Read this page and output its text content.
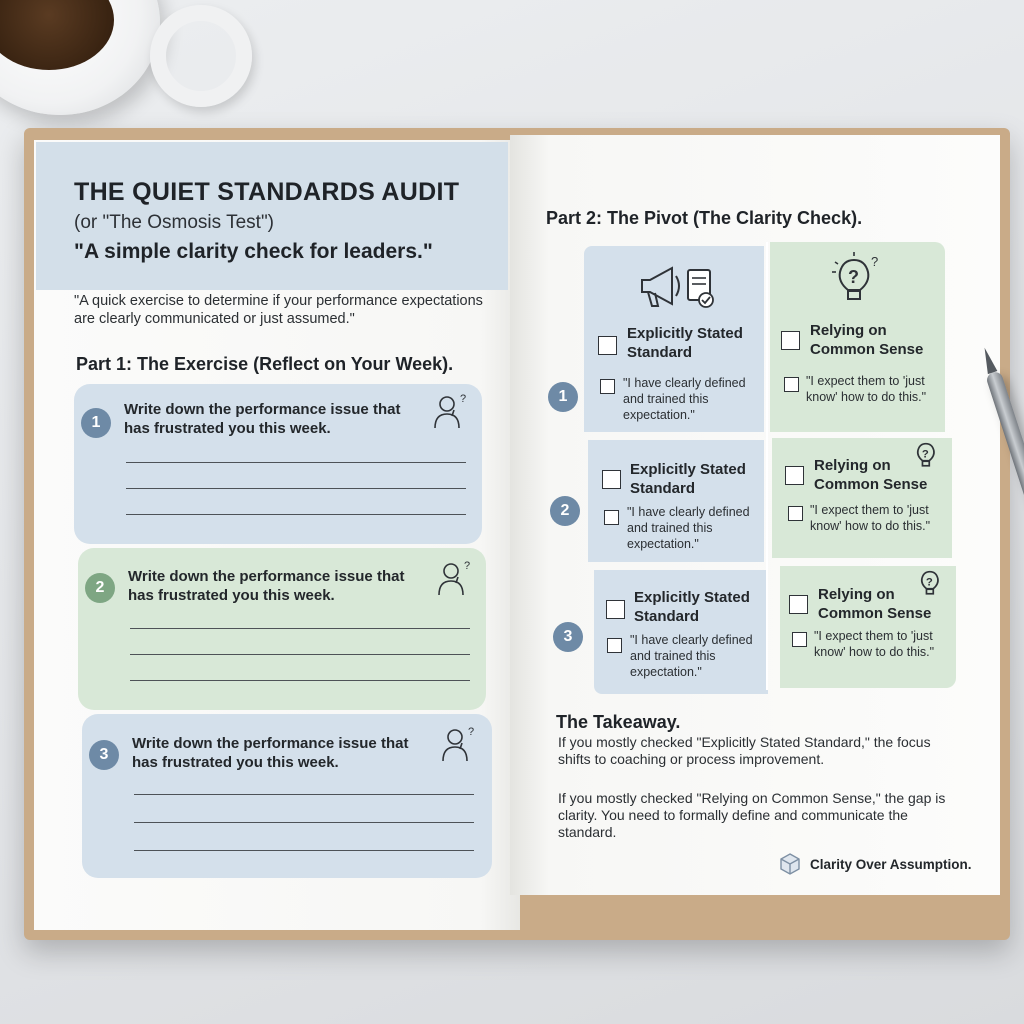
THE QUIET STANDARDS AUDIT
(or "The Osmosis Test")
"A simple clarity check for leaders."
"A quick exercise to determine if your performance expectations are clearly communicated or just assumed."
Part 1: The Exercise (Reflect on Your Week).
1
Write down the performance issue that has frustrated you this week.
?
2
Write down the performance issue that has frustrated you this week.
?
3
Write down the performance issue that has frustrated you this week.
?
Part 2: The Pivot (The Clarity Check).
?
?
Explicitly Stated Standard
"I have clearly defined and trained this expectation."
Relying on Common Sense
"I expect them to 'just know' how to do this."
1
Explicitly Stated Standard
"I have clearly defined and trained this expectation."
Relying on Common Sense
?
"I expect them to 'just know' how to do this."
2
Explicitly Stated Standard
"I have clearly defined and trained this expectation."
Relying on Common Sense
?
"I expect them to 'just know' how to do this."
3
The Takeaway.
If you mostly checked "Explicitly Stated Standard," the focus shifts to coaching or process improvement.
If you mostly checked "Relying on Common Sense," the gap is clarity. You need to formally define and communicate the standard.
Clarity Over Assumption.
